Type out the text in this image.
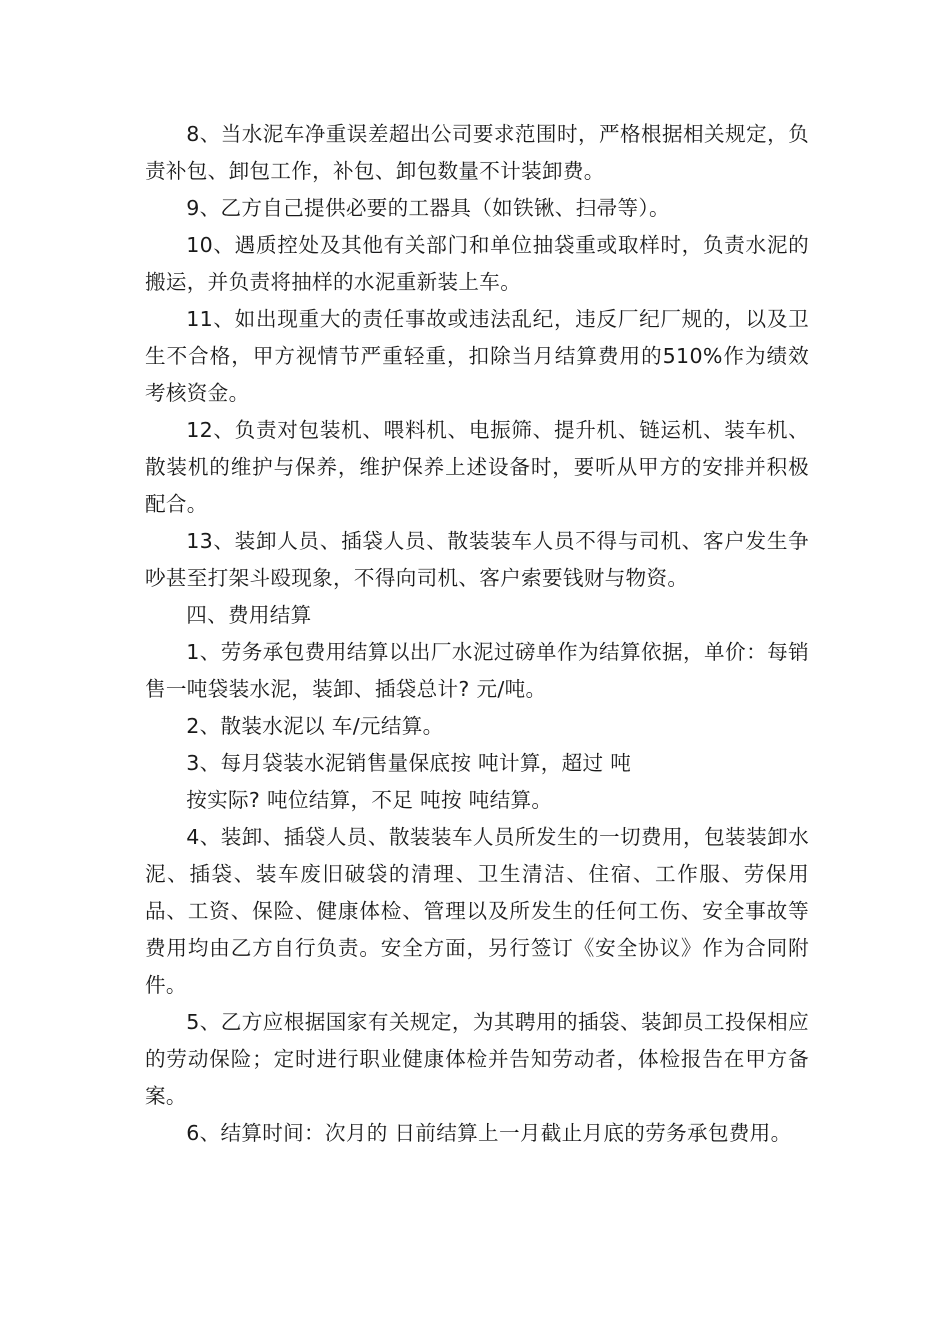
8、当水泥车净重误差超出公司要求范围时，严格根据相关规定，负责补包、卸包工作，补包、卸包数量不计装卸费。

9、乙方自己提供必要的工器具（如铁锹、扫帚等）。

10、遇质控处及其他有关部门和单位抽袋重或取样时，负责水泥的搬运，并负责将抽样的水泥重新装上车。

11、如出现重大的责任事故或违法乱纪，违反厂纪厂规的，以及卫生不合格，甲方视情节严重轻重，扣除当月结算费用的510%作为绩效考核资金。

12、负责对包装机、喂料机、电振筛、提升机、链运机、装车机、散装机的维护与保养，维护保养上述设备时，要听从甲方的安排并积极配合。

13、装卸人员、插袋人员、散装装车人员不得与司机、客户发生争吵甚至打架斗殴现象，不得向司机、客户索要钱财与物资。

四、费用结算

1、劳务承包费用结算以出厂水泥过磅单作为结算依据，单价：每销售一吨袋装水泥，装卸、插袋总计? 元/吨。

2、散装水泥以 车/元结算。

3、每月袋装水泥销售量保底按 吨计算，超过 吨

按实际? 吨位结算，不足 吨按 吨结算。

4、装卸、插袋人员、散装装车人员所发生的一切费用，包装装卸水泥、插袋、装车废旧破袋的清理、卫生清洁、住宿、工作服、劳保用品、工资、保险、健康体检、管理以及所发生的任何工伤、安全事故等费用均由乙方自行负责。安全方面，另行签订《安全协议》作为合同附件。

5、乙方应根据国家有关规定，为其聘用的插袋、装卸员工投保相应的劳动保险；定时进行职业健康体检并告知劳动者，体检报告在甲方备案。

6、结算时间：次月的 日前结算上一月截止月底的劳务承包费用。
